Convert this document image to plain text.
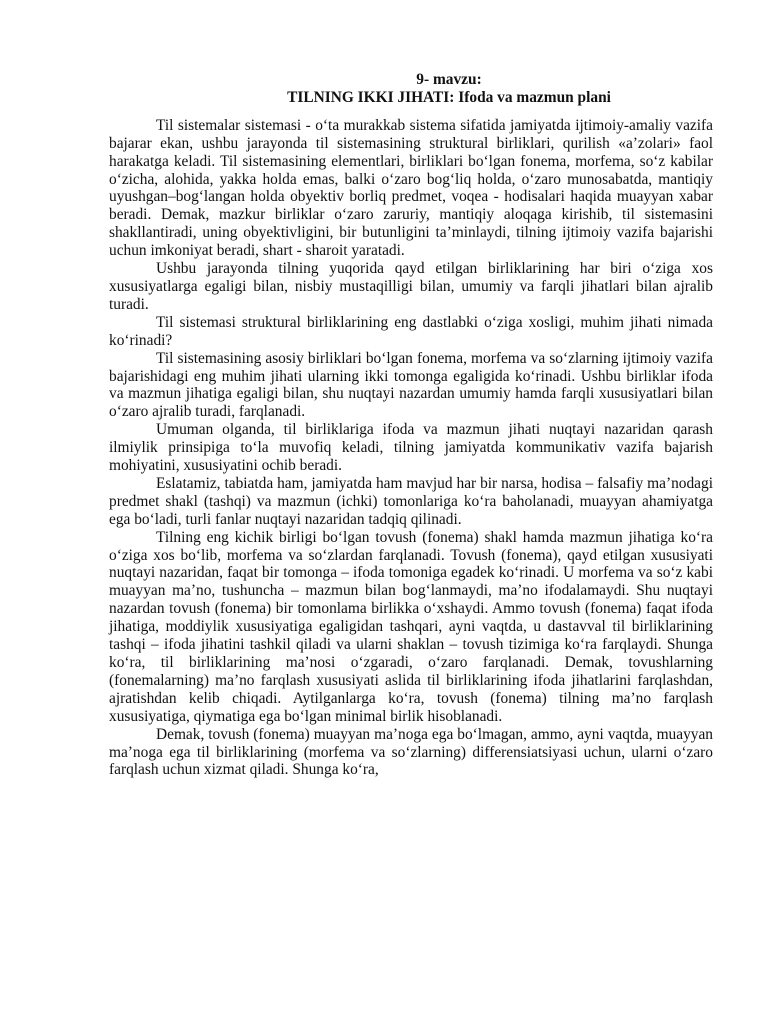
9- mavzu:

TILNING IKKI JIHATI: Ifoda va mazmun plani

Til sistemalar sistemasi - o‘ta murakkab sistema sifatida jamiyatda ijtimoiy-amaliy vazifa bajarar ekan, ushbu jarayonda til sistemasining struktural birliklari, qurilish «a’zolari» faol harakatga keladi. Til sistemasining elementlari, birliklari bo‘lgan fonema, morfema, so‘z kabilar o‘zicha, alohida, yakka holda emas, balki o‘zaro bog‘liq holda, o‘zaro munosabatda, mantiqiy uyushgan–bog‘langan holda obyektiv borliq predmet, voqea - hodisalari haqida muayyan xabar beradi. Demak, mazkur birliklar o‘zaro zaruriy, mantiqiy aloqaga kirishib, til sistemasini shakllantiradi, uning obyektivligini, bir butunligini ta’minlaydi, tilning ijtimoiy vazifa bajarishi uchun imkoniyat beradi, shart - sharoit yaratadi.

Ushbu jarayonda tilning yuqorida qayd etilgan birliklarining har biri o‘ziga xos xususiyatlarga egaligi bilan, nisbiy mustaqilligi bilan, umumiy va farqli jihatlari bilan ajralib turadi.

Til sistemasi struktural birliklarining eng dastlabki o‘ziga xosligi, muhim jihati nimada ko‘rinadi?

Til sistemasining asosiy birliklari bo‘lgan fonema, morfema va so‘zlarning ijtimoiy vazifa bajarishidagi eng muhim jihati ularning ikki tomonga egaligida ko‘rinadi. Ushbu birliklar ifoda va mazmun jihatiga egaligi bilan, shu nuqtayi nazardan umumiy hamda farqli xususiyatlari bilan o‘zaro ajralib turadi, farqlanadi.

Umuman olganda, til birliklariga ifoda va mazmun jihati nuqtayi nazaridan qarash ilmiylik prinsipiga to‘la muvofiq keladi, tilning jamiyatda kommunikativ vazifa bajarish mohiyatini, xususiyatini ochib beradi.

Eslatamiz, tabiatda ham, jamiyatda ham mavjud har bir narsa, hodisa – falsafiy ma’nodagi predmet shakl (tashqi) va mazmun (ichki) tomonlariga ko‘ra baholanadi, muayyan ahamiyatga ega bo‘ladi, turli fanlar nuqtayi nazaridan tadqiq qilinadi.

Tilning eng kichik birligi bo‘lgan tovush (fonema) shakl hamda mazmun jihatiga ko‘ra o‘ziga xos bo‘lib, morfema va so‘zlardan farqlanadi. Tovush (fonema), qayd etilgan xususiyati nuqtayi nazaridan, faqat bir tomonga – ifoda tomoniga egadek ko‘rinadi. U morfema va so‘z kabi muayyan ma’no, tushuncha – mazmun bilan bog‘lanmaydi, ma’no ifodalamaydi. Shu nuqtayi nazardan tovush (fonema) bir tomonlama birlikka o‘xshaydi. Ammo tovush (fonema) faqat ifoda jihatiga, moddiylik xususiyatiga egaligidan tashqari, ayni vaqtda, u dastavval til birliklarining tashqi – ifoda jihatini tashkil qiladi va ularni shaklan – tovush tizimiga ko‘ra farqlaydi. Shunga ko‘ra, til birliklarining ma’nosi o‘zgaradi, o‘zaro farqlanadi. Demak, tovushlarning (fonemalarning) ma’no farqlash xususiyati aslida til birliklarining ifoda jihatlarini farqlashdan, ajratishdan kelib chiqadi. Aytilganlarga ko‘ra, tovush (fonema) tilning ma’no farqlash xususiyatiga, qiymatiga ega bo‘lgan minimal birlik hisoblanadi.

Demak, tovush (fonema) muayyan ma’noga ega bo‘lmagan, ammo, ayni vaqtda, muayyan ma’noga ega til birliklarining (morfema va so‘zlarning) differensiatsiyasi uchun, ularni o‘zaro farqlash uchun xizmat qiladi. Shunga ko‘ra,
